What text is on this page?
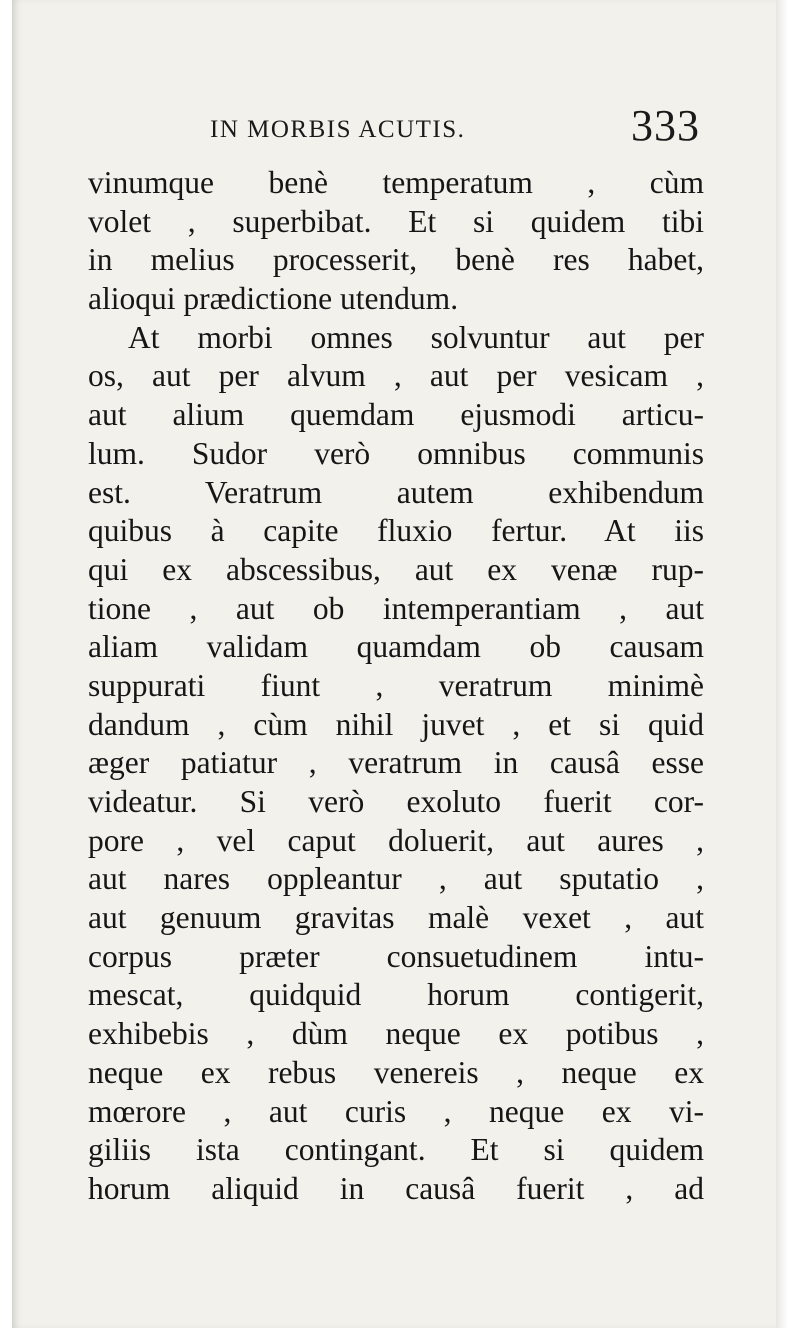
IN MORBIS ACUTIS.	333
vinumque benè temperatum , cùm
volet , superbibat. Et si quidem tibi
in melius processerit, benè res habet,
alioqui prædictione utendum.
At morbi omnes solvuntur aut per
os, aut per alvum , aut per vesicam ,
aut alium quemdam ejusmodi articu-
lum. Sudor verò omnibus communis
est. Veratrum autem exhibendum
quibus à capite fluxio fertur. At iis
qui ex abscessibus, aut ex venæ rup-
tione , aut ob intemperantiam , aut
aliam validam quamdam ob causam
suppurati fiunt , veratrum minimè
dandum , cùm nihil juvet , et si quid
æger patiatur , veratrum in causâ esse
videatur. Si verò exoluto fuerit cor-
pore , vel caput doluerit, aut aures ,
aut nares oppleantur , aut sputatio ,
aut genuum gravitas malè vexet , aut
corpus præter consuetudinem intu-
mescat, quidquid horum contigerit,
exhibebis , dùm neque ex potibus ,
neque ex rebus venereis , neque ex
mœrore , aut curis , neque ex vi-
giliis ista contingant. Et si quidem
horum aliquid in causâ fuerit , ad
